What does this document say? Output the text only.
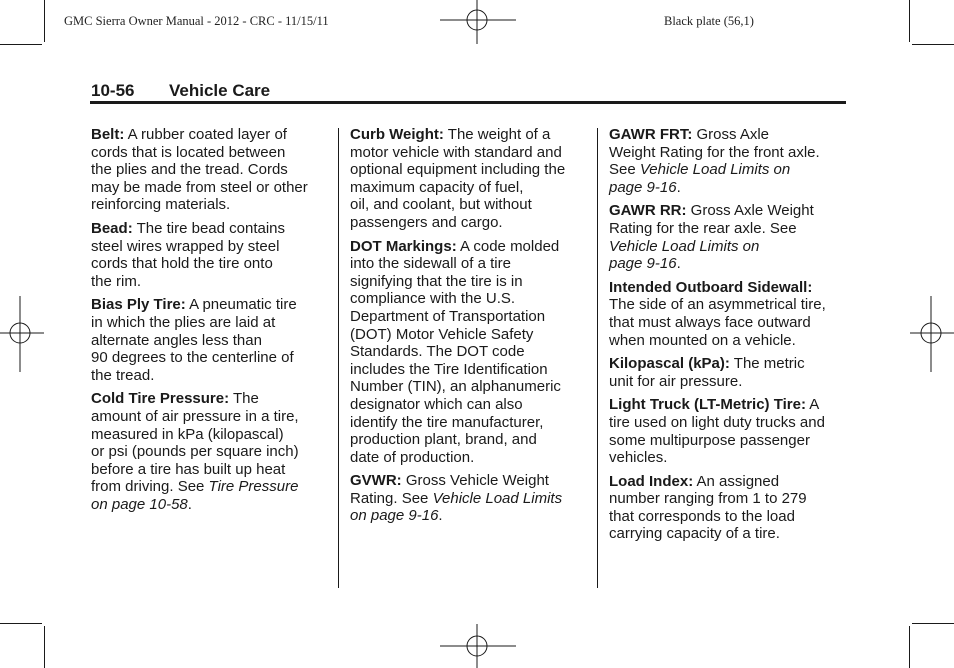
GMC Sierra Owner Manual - 2012 - CRC - 11/15/11	Black plate (56,1)
10-56 Vehicle Care
Belt: A rubber coated layer of
cords that is located between
the plies and the tread. Cords
may be made from steel or other
reinforcing materials.
Bead: The tire bead contains
steel wires wrapped by steel
cords that hold the tire onto
the rim.
Bias Ply Tire: A pneumatic tire
in which the plies are laid at
alternate angles less than
90 degrees to the centerline of
the tread.
Cold Tire Pressure: The
amount of air pressure in a tire,
measured in kPa (kilopascal)
or psi (pounds per square inch)
before a tire has built up heat
from driving. See Tire Pressure
on page 10-58.
Curb Weight: The weight of a
motor vehicle with standard and
optional equipment including the
maximum capacity of fuel,
oil, and coolant, but without
passengers and cargo.
DOT Markings: A code molded
into the sidewall of a tire
signifying that the tire is in
compliance with the U.S.
Department of Transportation
(DOT) Motor Vehicle Safety
Standards. The DOT code
includes the Tire Identification
Number (TIN), an alphanumeric
designator which can also
identify the tire manufacturer,
production plant, brand, and
date of production.
GVWR: Gross Vehicle Weight
Rating. See Vehicle Load Limits
on page 9-16.
GAWR FRT: Gross Axle
Weight Rating for the front axle.
See Vehicle Load Limits on
page 9-16.
GAWR RR: Gross Axle Weight
Rating for the rear axle. See
Vehicle Load Limits on
page 9-16.
Intended Outboard Sidewall:
The side of an asymmetrical tire,
that must always face outward
when mounted on a vehicle.
Kilopascal (kPa): The metric
unit for air pressure.
Light Truck (LT-Metric) Tire: A
tire used on light duty trucks and
some multipurpose passenger
vehicles.
Load Index: An assigned
number ranging from 1 to 279
that corresponds to the load
carrying capacity of a tire.
